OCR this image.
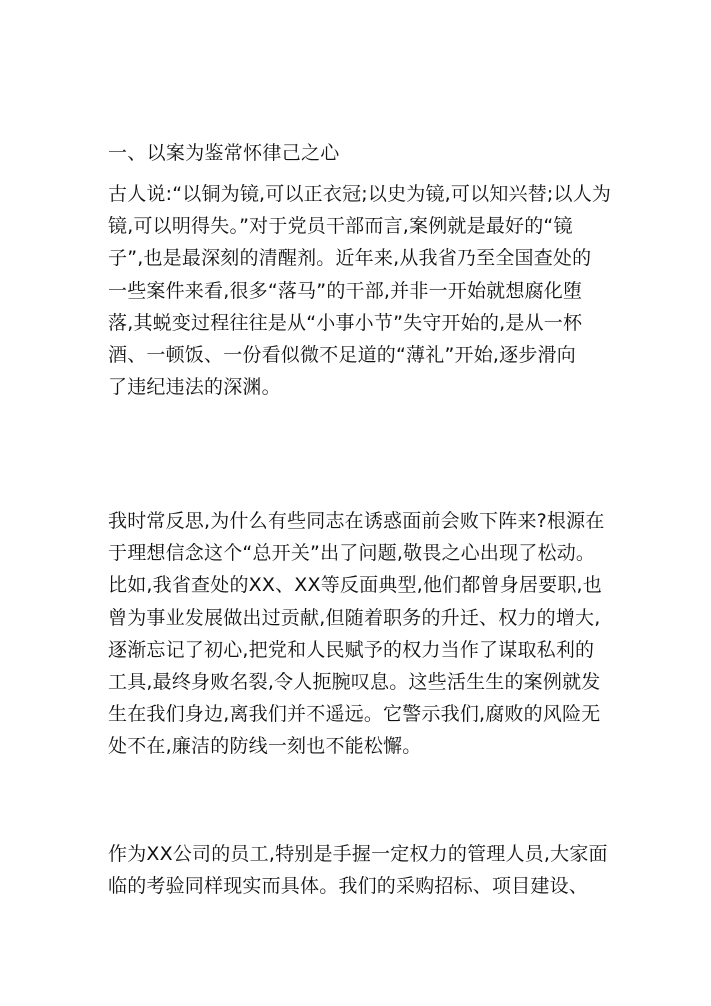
一、以案为鉴常怀律己之心
古人说:“以铜为镜,可以正衣冠;以史为镜,可以知兴替;以人为
镜,可以明得失。”对于党员干部而言,案例就是最好的“镜
子”,也是最深刻的清醒剂。近年来,从我省乃至全国查处的
一些案件来看,很多“落马”的干部,并非一开始就想腐化堕
落,其蜕变过程往往是从“小事小节”失守开始的,是从一杯
酒、一顿饭、一份看似微不足道的“薄礼”开始,逐步滑向
了违纪违法的深渊。
我时常反思,为什么有些同志在诱惑面前会败下阵来?根源在
于理想信念这个“总开关”出了问题,敬畏之心出现了松动。
比如,我省查处的XX、XX等反面典型,他们都曾身居要职,也
曾为事业发展做出过贡献,但随着职务的升迁、权力的增大,
逐渐忘记了初心,把党和人民赋予的权力当作了谋取私利的
工具,最终身败名裂,令人扼腕叹息。这些活生生的案例就发
生在我们身边,离我们并不遥远。它警示我们,腐败的风险无
处不在,廉洁的防线一刻也不能松懈。
作为XX公司的员工,特别是手握一定权力的管理人员,大家面
临的考验同样现实而具体。我们的采购招标、项目建设、
